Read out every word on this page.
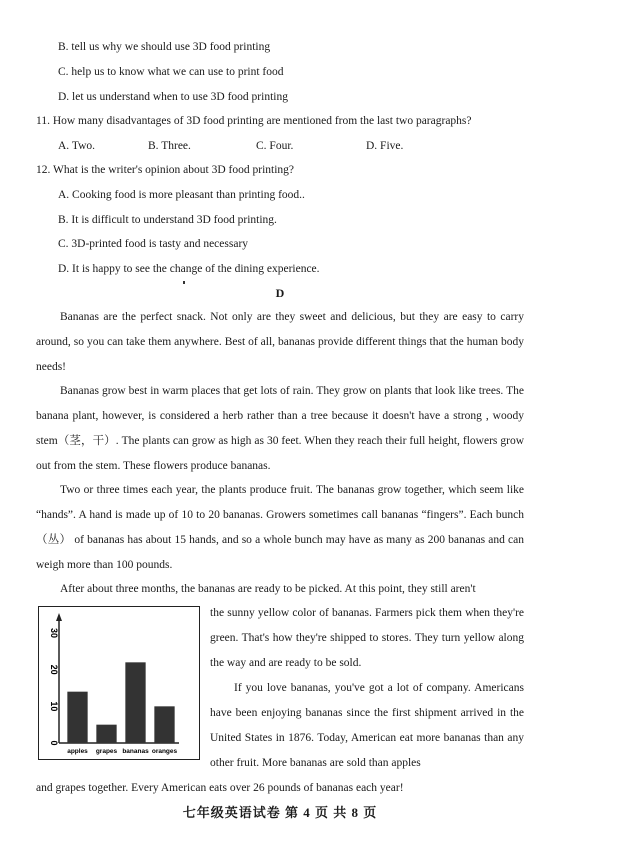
B. tell us why we should use 3D food printing
C. help us to know what we can use to print food
D. let us understand when to use 3D food printing
11. How many disadvantages of 3D food printing are mentioned from the last two paragraphs?
A. Two.	B. Three.	C. Four.	D. Five.
12. What is the writer's opinion about 3D food printing?
A. Cooking food is more pleasant than printing food..
B. It is difficult to understand 3D food printing.
C. 3D-printed food is tasty and necessary
D. It is happy to see the change of the dining experience.
D
Bananas are the perfect snack. Not only are they sweet and delicious, but they are easy to carry around, so you can take them anywhere. Best of all, bananas provide different things that the human body needs!
Bananas grow best in warm places that get lots of rain. They grow on plants that look like trees. The banana plant, however, is considered a herb rather than a tree because it doesn't have a strong , woody stem（茎，干）. The plants can grow as high as 30 feet. When they reach their full height, flowers grow out from the stem. These flowers produce bananas.
Two or three times each year, the plants produce fruit. The bananas grow together, which seem like “hands”. A hand is made up of 10 to 20 bananas. Growers sometimes call bananas “fingers”. Each bunch（丛） of bananas has about 15 hands, and so a whole bunch may have as many as 200 bananas and can weigh more than 100 pounds.
After about three months, the bananas are ready to be picked. At this point, they still aren't
0
10
20
30
apples grapes bananas oranges
the sunny yellow color of bananas. Farmers pick them when they're green. That's how they're shipped to stores. They turn yellow along the way and are ready to be sold.
If you love bananas, you've got a lot of company. Americans have been enjoying bananas since the first shipment arrived in the United States in 1876. Today, American eat more bananas than any other fruit. More bananas are sold than apples
and grapes together. Every American eats over 26 pounds of bananas each year!
七年级英语试卷 第 4 页 共 8 页
